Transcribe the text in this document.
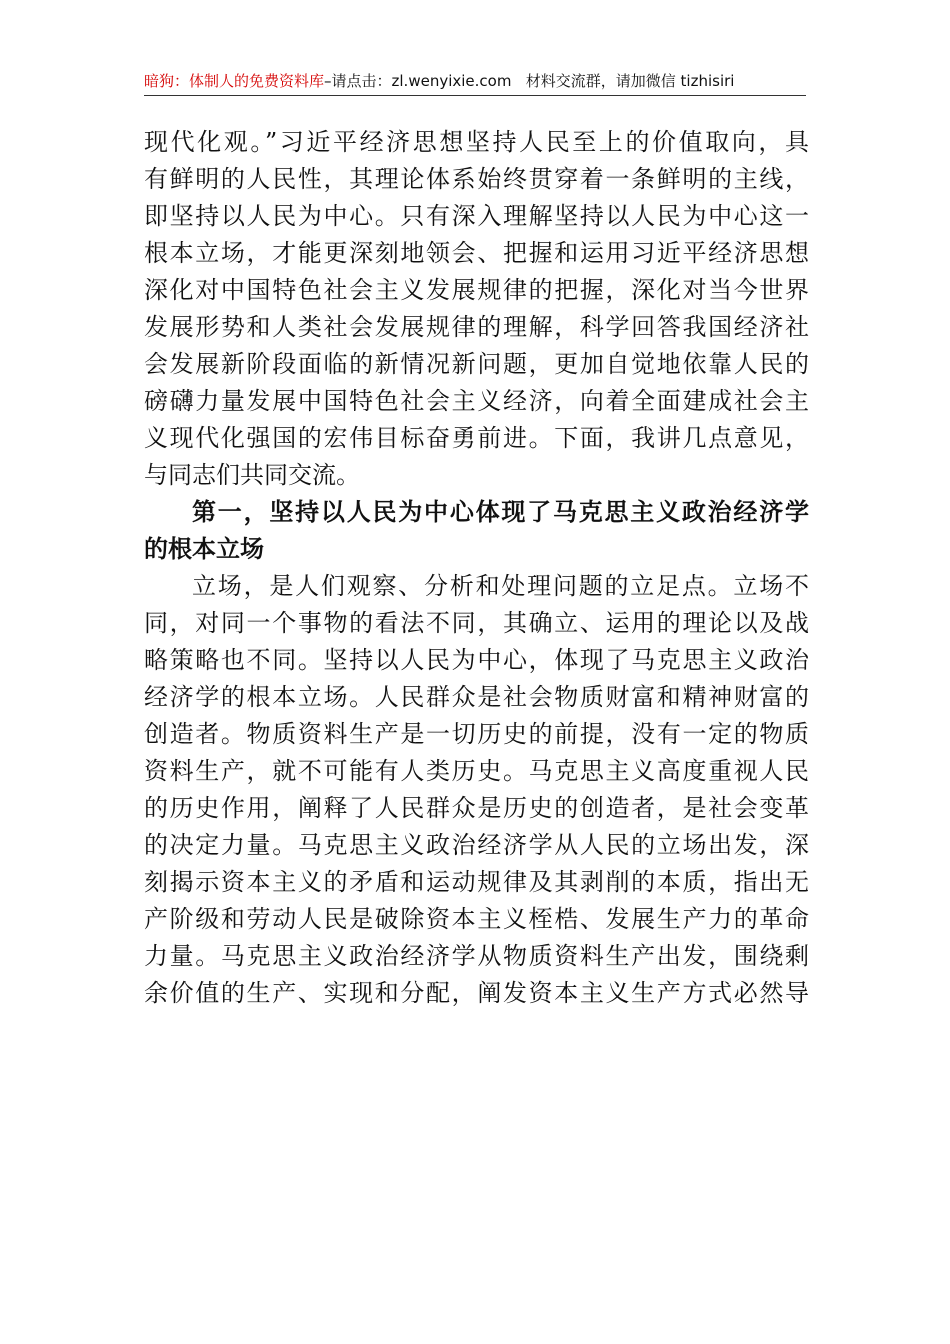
暗狗：体制人的免费资料库–请点击：zl.wenyixie.com 材料交流群，请加微信 tizhisiri
现代化观。”习近平经济思想坚持人民至上的价值取向，具
有鲜明的人民性，其理论体系始终贯穿着一条鲜明的主线，
即坚持以人民为中心。只有深入理解坚持以人民为中心这一
根本立场，才能更深刻地领会、把握和运用习近平经济思想
深化对中国特色社会主义发展规律的把握，深化对当今世界
发展形势和人类社会发展规律的理解，科学回答我国经济社
会发展新阶段面临的新情况新问题，更加自觉地依靠人民的
磅礴力量发展中国特色社会主义经济，向着全面建成社会主
义现代化强国的宏伟目标奋勇前进。下面，我讲几点意见，
与同志们共同交流。
第一，坚持以人民为中心体现了马克思主义政治经济学
的根本立场
立场，是人们观察、分析和处理问题的立足点。立场不
同，对同一个事物的看法不同，其确立、运用的理论以及战
略策略也不同。坚持以人民为中心，体现了马克思主义政治
经济学的根本立场。人民群众是社会物质财富和精神财富的
创造者。物质资料生产是一切历史的前提，没有一定的物质
资料生产，就不可能有人类历史。马克思主义高度重视人民
的历史作用，阐释了人民群众是历史的创造者，是社会变革
的决定力量。马克思主义政治经济学从人民的立场出发，深
刻揭示资本主义的矛盾和运动规律及其剥削的本质，指出无
产阶级和劳动人民是破除资本主义桎梏、发展生产力的革命
力量。马克思主义政治经济学从物质资料生产出发，围绕剩
余价值的生产、实现和分配，阐发资本主义生产方式必然导
